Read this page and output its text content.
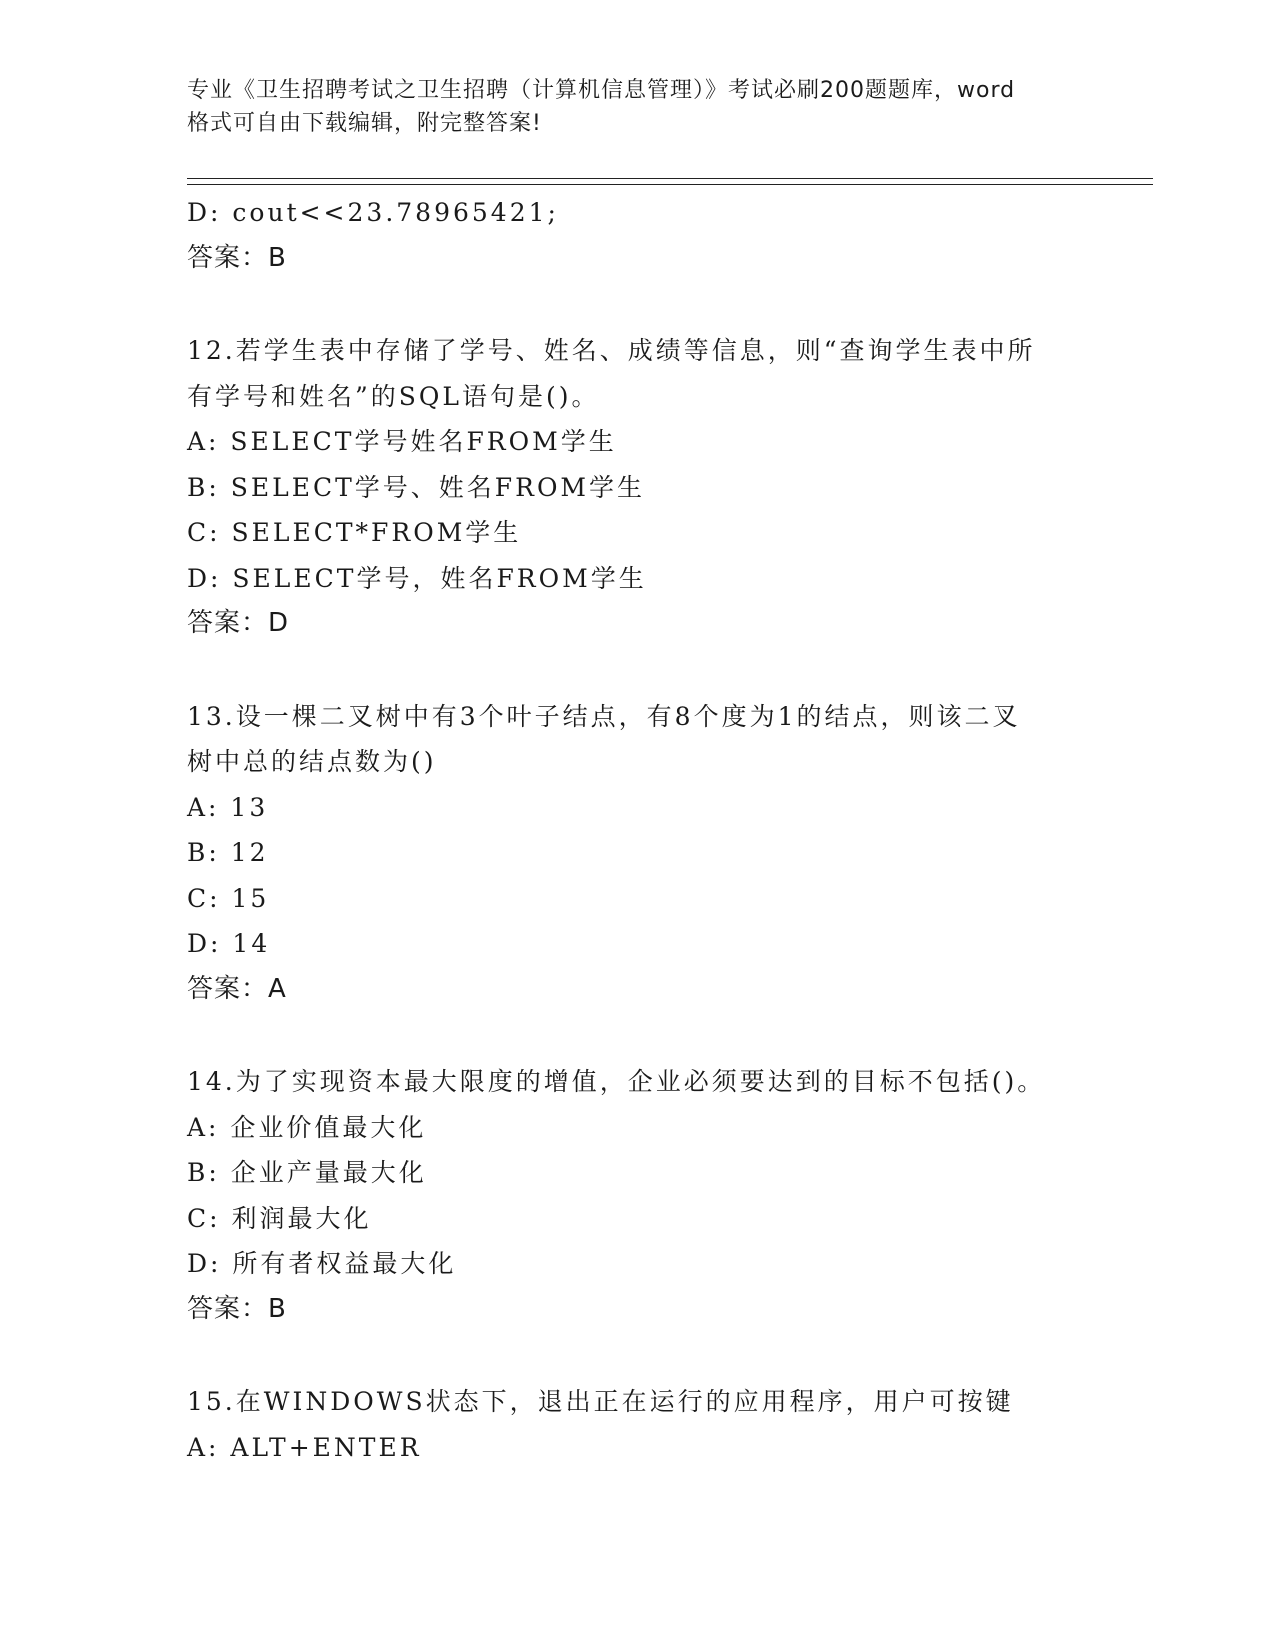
专业《卫生招聘考试之卫生招聘（计算机信息管理）》考试必刷200题题库，word

格式可自由下载编辑，附完整答案!

D: cout<<23.78965421;

答案：B

12.若学生表中存储了学号、姓名、成绩等信息，则“查询学生表中所

有学号和姓名”的SQL语句是()。

A: SELECT学号姓名FROM学生

B: SELECT学号、姓名FROM学生

C: SELECT*FROM学生

D: SELECT学号，姓名FROM学生

答案：D

13.设一棵二叉树中有3个叶子结点，有8个度为1的结点，则该二叉

树中总的结点数为()

A: 13

B: 12

C: 15

D: 14

答案：A

14.为了实现资本最大限度的增值，企业必须要达到的目标不包括()。

A: 企业价值最大化

B: 企业产量最大化

C: 利润最大化

D: 所有者权益最大化

答案：B

15.在WINDOWS状态下，退出正在运行的应用程序，用户可按键

A: ALT+ENTER
